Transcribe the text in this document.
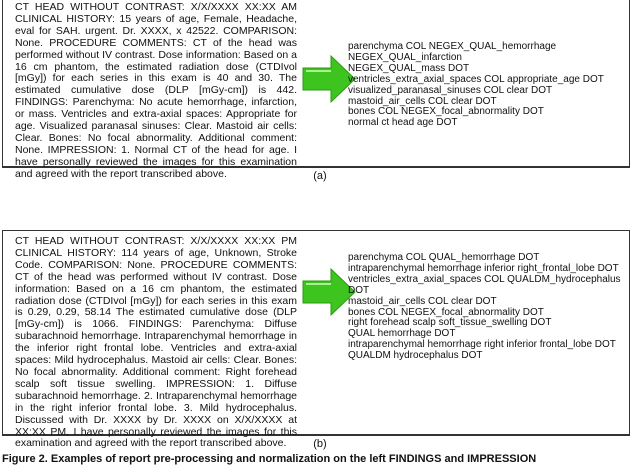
CT HEAD WITHOUT CONTRAST: X/X/XXXX XX:XX AM CLINICAL HISTORY: 15 years of age, Female, Headache, eval for SAH. urgent. Dr. XXXX, x 42522. COMPARISON: None. PROCEDURE COMMENTS: CT of the head was performed without IV contrast. Dose information: Based on a 16 cm phantom, the estimated radiation dose (CTDIvol [mGy]) for each series in this exam is 40 and 30. The estimated cumulative dose (DLP [mGy-cm]) is 442. FINDINGS: Parenchyma: No acute hemorrhage, infarction, or mass. Ventricles and extra-axial spaces: Appropriate for age. Visualized paranasal sinuses: Clear. Mastoid air cells: Clear. Bones: No focal abnormality. Additional comment: None. IMPRESSION: 1. Normal CT of the head for age. I have personally reviewed the images for this examination and agreed with the report transcribed above.
parenchyma COL NEGEX_QUAL_hemorrhage
NEGEX_QUAL_infarction
NEGEX_QUAL_mass DOT
ventricles_extra_axial_spaces COL appropriate_age DOT
visualized_paranasal_sinuses COL clear DOT
mastoid_air_cells COL clear DOT
bones COL NEGEX_focal_abnormality DOT
normal ct head age DOT
(a)
CT HEAD WITHOUT CONTRAST: X/X/XXXX XX:XX PM CLINICAL HISTORY: 114 years of age, Unknown, Stroke Code. COMPARISON: None. PROCEDURE COMMENTS: CT of the head was performed without IV contrast. Dose information: Based on a 16 cm phantom, the estimated radiation dose (CTDIvol [mGy]) for each series in this exam is 0.29, 0.29, 58.14 The estimated cumulative dose (DLP [mGy-cm]) is 1066. FINDINGS: Parenchyma: Diffuse subarachnoid hemorrhage. Intraparenchymal hemorrhage in the inferior right frontal lobe. Ventricles and extra-axial spaces: Mild hydrocephalus. Mastoid air cells: Clear. Bones: No focal abnormality. Additional comment: Right forehead scalp soft tissue swelling. IMPRESSION: 1. Diffuse subarachnoid hemorrhage. 2. Intraparenchymal hemorrhage in the right inferior frontal lobe. 3. Mild hydrocephalus. Discussed with Dr. XXXX by Dr. XXXX on X/X/XXXX at XX:XX PM. I have personally reviewed the images for this examination and agreed with the report transcribed above.
parenchyma COL QUAL_hemorrhage DOT
intraparenchymal hemorrhage inferior right_frontal_lobe DOT
ventricles_extra_axial_spaces COL QUALDM_hydrocephalus
DOT
mastoid_air_cells COL clear DOT
bones COL NEGEX_focal_abnormality DOT
right forehead scalp soft_tissue_swelling DOT
QUAL hemorrhage DOT
intraparenchymal hemorrhage right inferior frontal_lobe DOT
QUALDM hydrocephalus DOT
(b)
Figure 2. Examples of report pre-processing and normalization on the left FINDINGS and IMPRESSION
